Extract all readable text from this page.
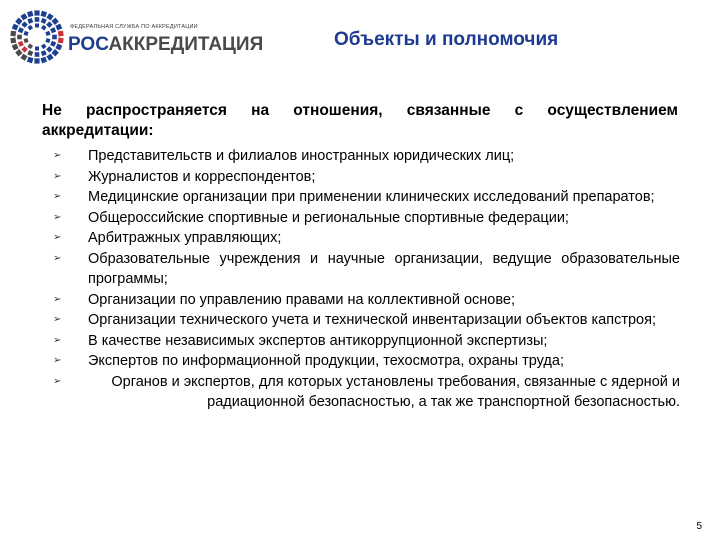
ФЕДЕРАЛЬНАЯ СЛУЖБА ПО АККРЕДИТАЦИИ
РОСАККРЕДИТАЦИЯ	Объекты и полномочия
Не распространяется на отношения, связанные с осуществлением
аккредитации:
➢ Представительств и филиалов иностранных юридических лиц;
➢ Журналистов и корреспондентов;
➢ Медицинские организации при применении клинических исследований препаратов;
➢ Общероссийские спортивные и региональные спортивные федерации;
➢ Арбитражных управляющих;
➢ Образовательные учреждения и научные организации, ведущие образовательные программы;
➢ Организации по управлению правами на коллективной основе;
➢ Организации технического учета и технической инвентаризации объектов капстроя;
➢ В качестве независимых экспертов антикоррупционной экспертизы;
➢ Экспертов по информационной продукции, техосмотра, охраны труда;
➢	Органов и экспертов, для которых установлены требования, связанные с ядерной и радиационной безопасностью, а так же транспортной безопасностью.
5
